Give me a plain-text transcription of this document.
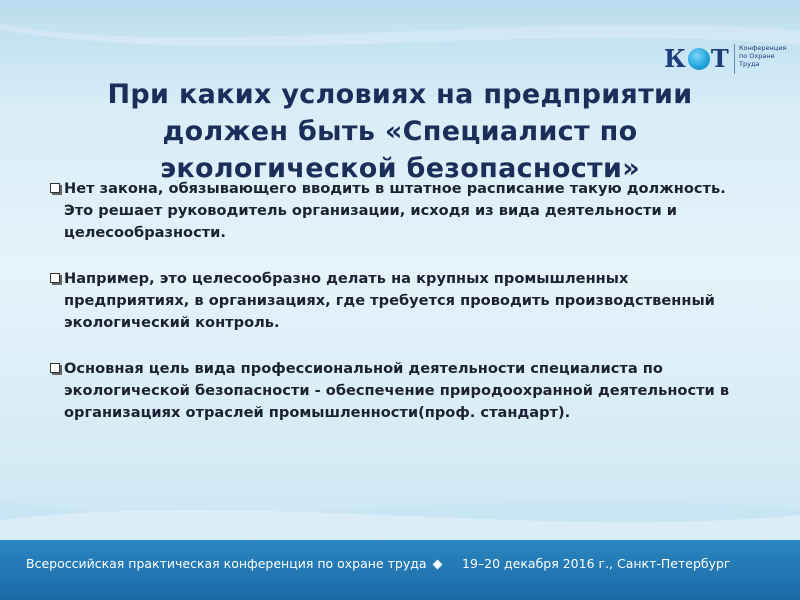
К Т Конференция
по Охране
Труда
При каких условиях на предприятии должен быть «Специалист по экологической безопасности»
Нет закона, обязывающего вводить в штатное расписание такую должность. Это решает руководитель организации, исходя из вида деятельности и целесообразности.
Например, это целесообразно делать на крупных промышленных предприятиях, в организациях, где требуется проводить производственный экологический контроль.
Основная цель вида профессиональной деятельности специалиста по экологической безопасности - обеспечение природоохранной деятельности в организациях отраслей промышленности(проф. стандарт).
Всероссийская практическая конференция по охране труда	19–20 декабря 2016 г., Санкт-Петербург
